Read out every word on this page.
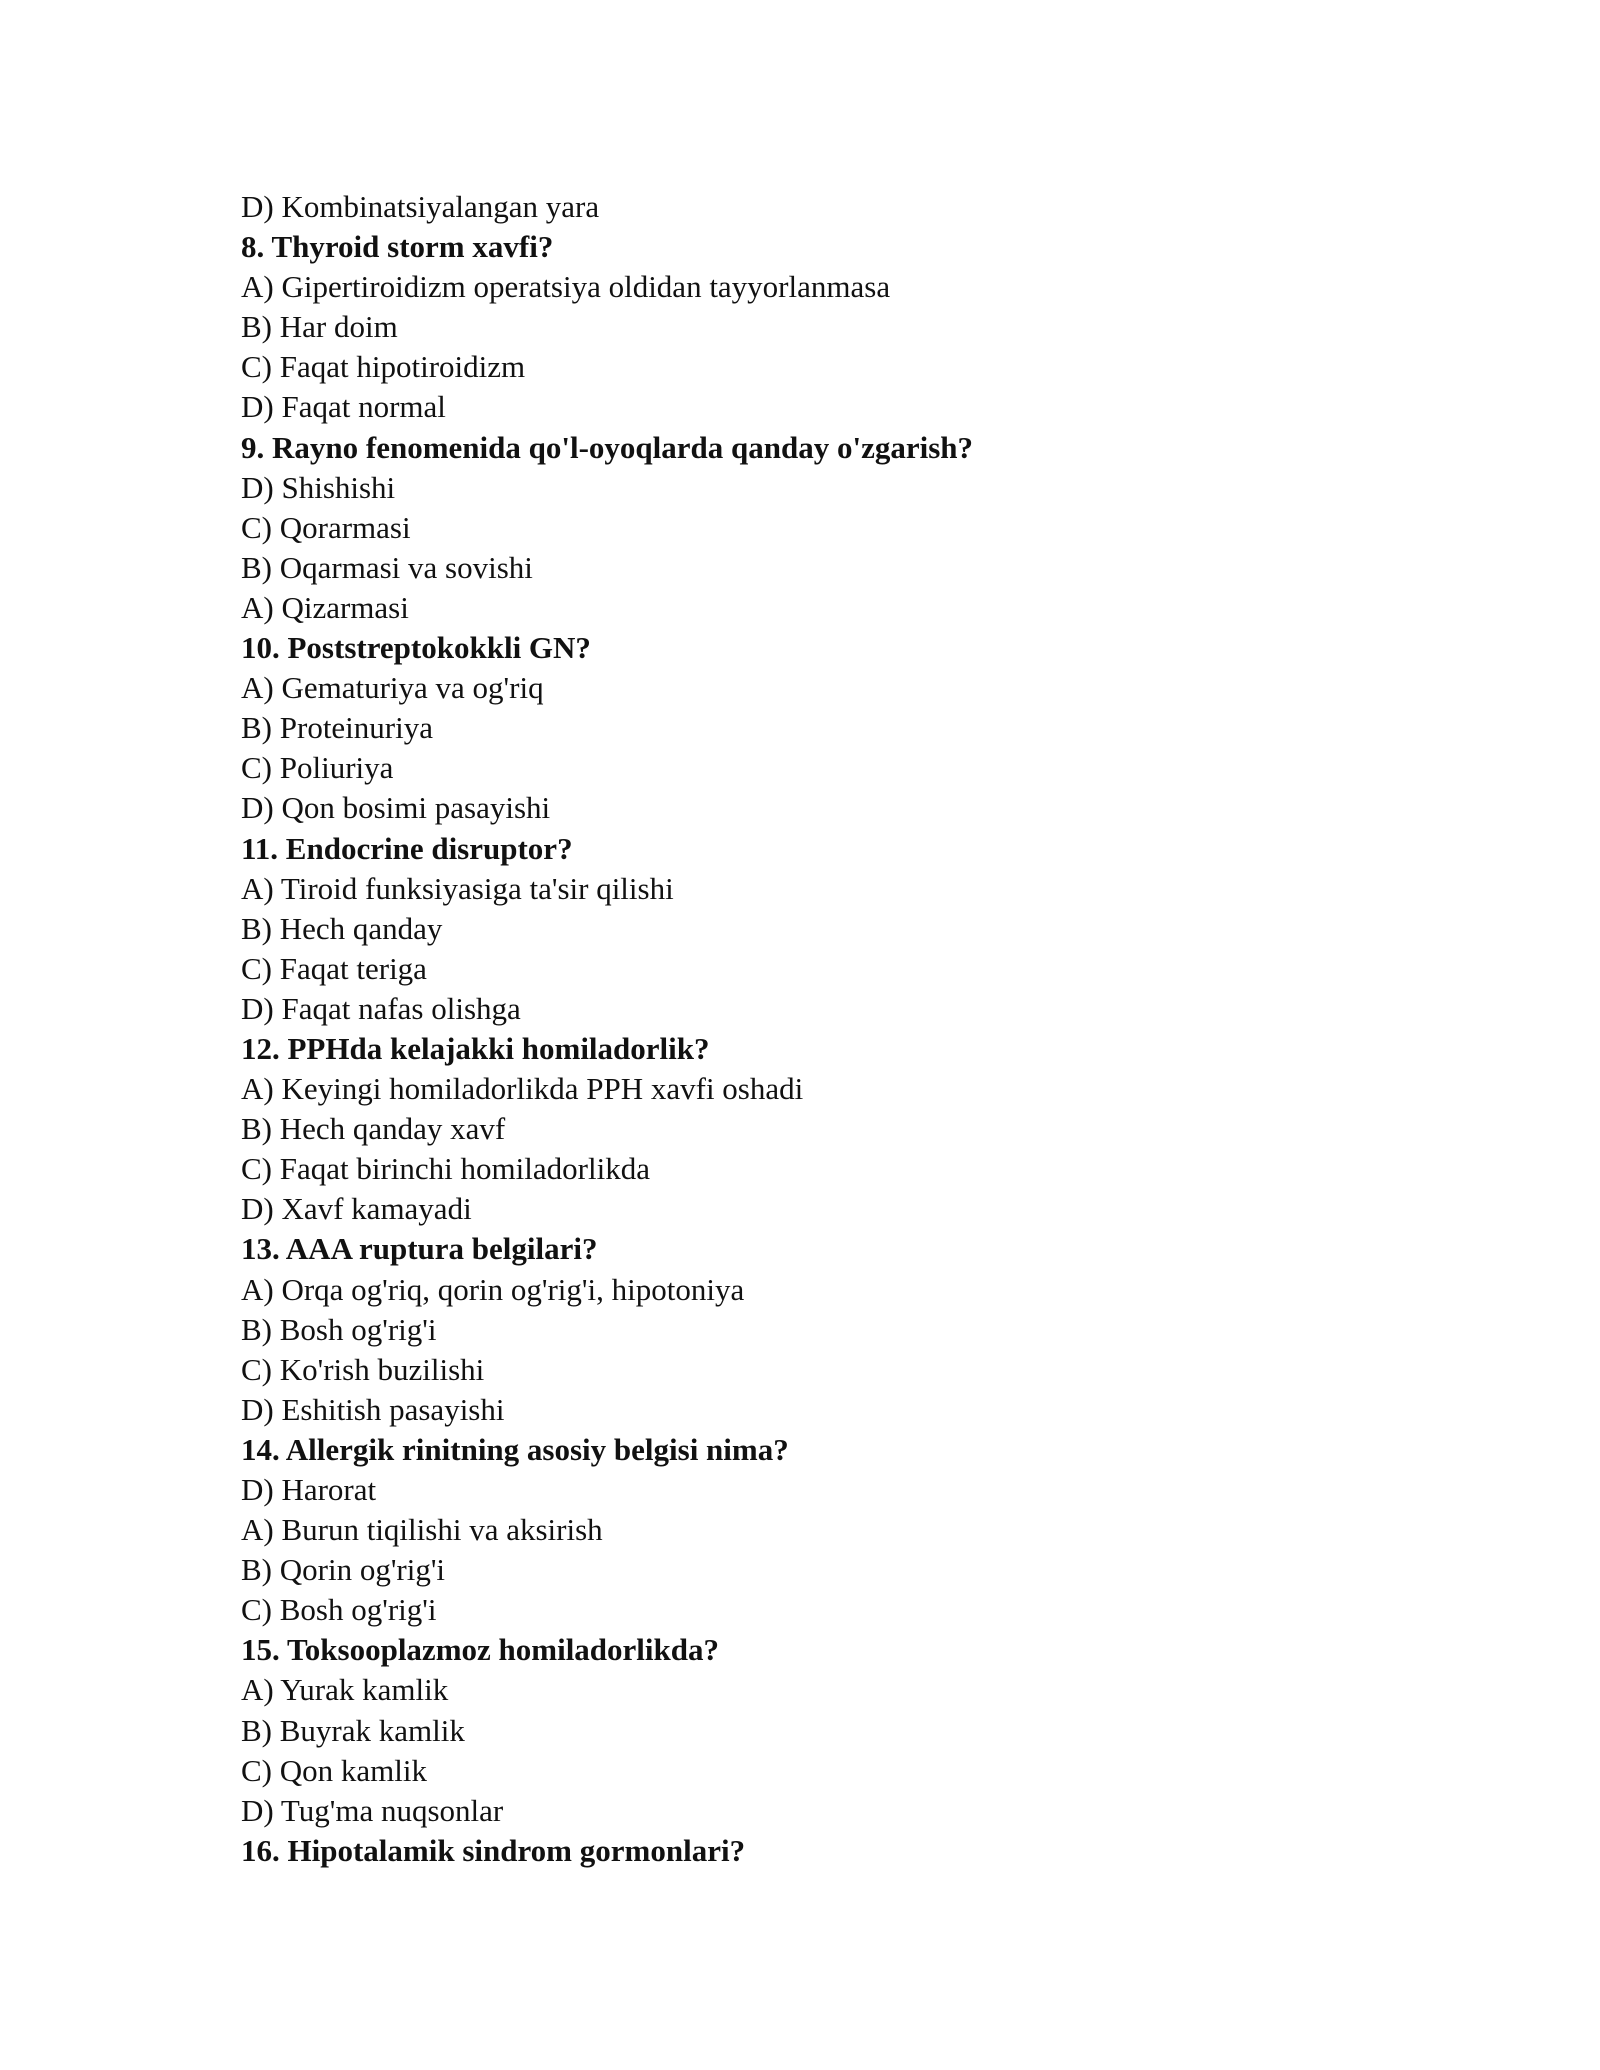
D) Kombinatsiyalangan yara
8. Thyroid storm xavfi?
A) Gipertiroidizm operatsiya oldidan tayyorlanmasa
B) Har doim
C) Faqat hipotiroidizm
D) Faqat normal
9. Rayno fenomenida qo'l-oyoqlarda qanday o'zgarish?
D) Shishishi
C) Qorarmasi
B) Oqarmasi va sovishi
A) Qizarmasi
10. Poststreptokokkli GN?
A) Gematuriya va og'riq
B) Proteinuriya
C) Poliuriya
D) Qon bosimi pasayishi
11. Endocrine disruptor?
A) Tiroid funksiyasiga ta'sir qilishi
B) Hech qanday
C) Faqat teriga
D) Faqat nafas olishga
12. PPHda kelajakki homiladorlik?
A) Keyingi homiladorlikda PPH xavfi oshadi
B) Hech qanday xavf
C) Faqat birinchi homiladorlikda
D) Xavf kamayadi
13. AAA ruptura belgilari?
A) Orqa og'riq, qorin og'rig'i, hipotoniya
B) Bosh og'rig'i
C) Ko'rish buzilishi
D) Eshitish pasayishi
14. Allergik rinitning asosiy belgisi nima?
D) Harorat
A) Burun tiqilishi va aksirish
B) Qorin og'rig'i
C) Bosh og'rig'i
15. Toksooplazmoz homiladorlikda?
A) Yurak kamlik
B) Buyrak kamlik
C) Qon kamlik
D) Tug'ma nuqsonlar
16. Hipotalamik sindrom gormonlari?
